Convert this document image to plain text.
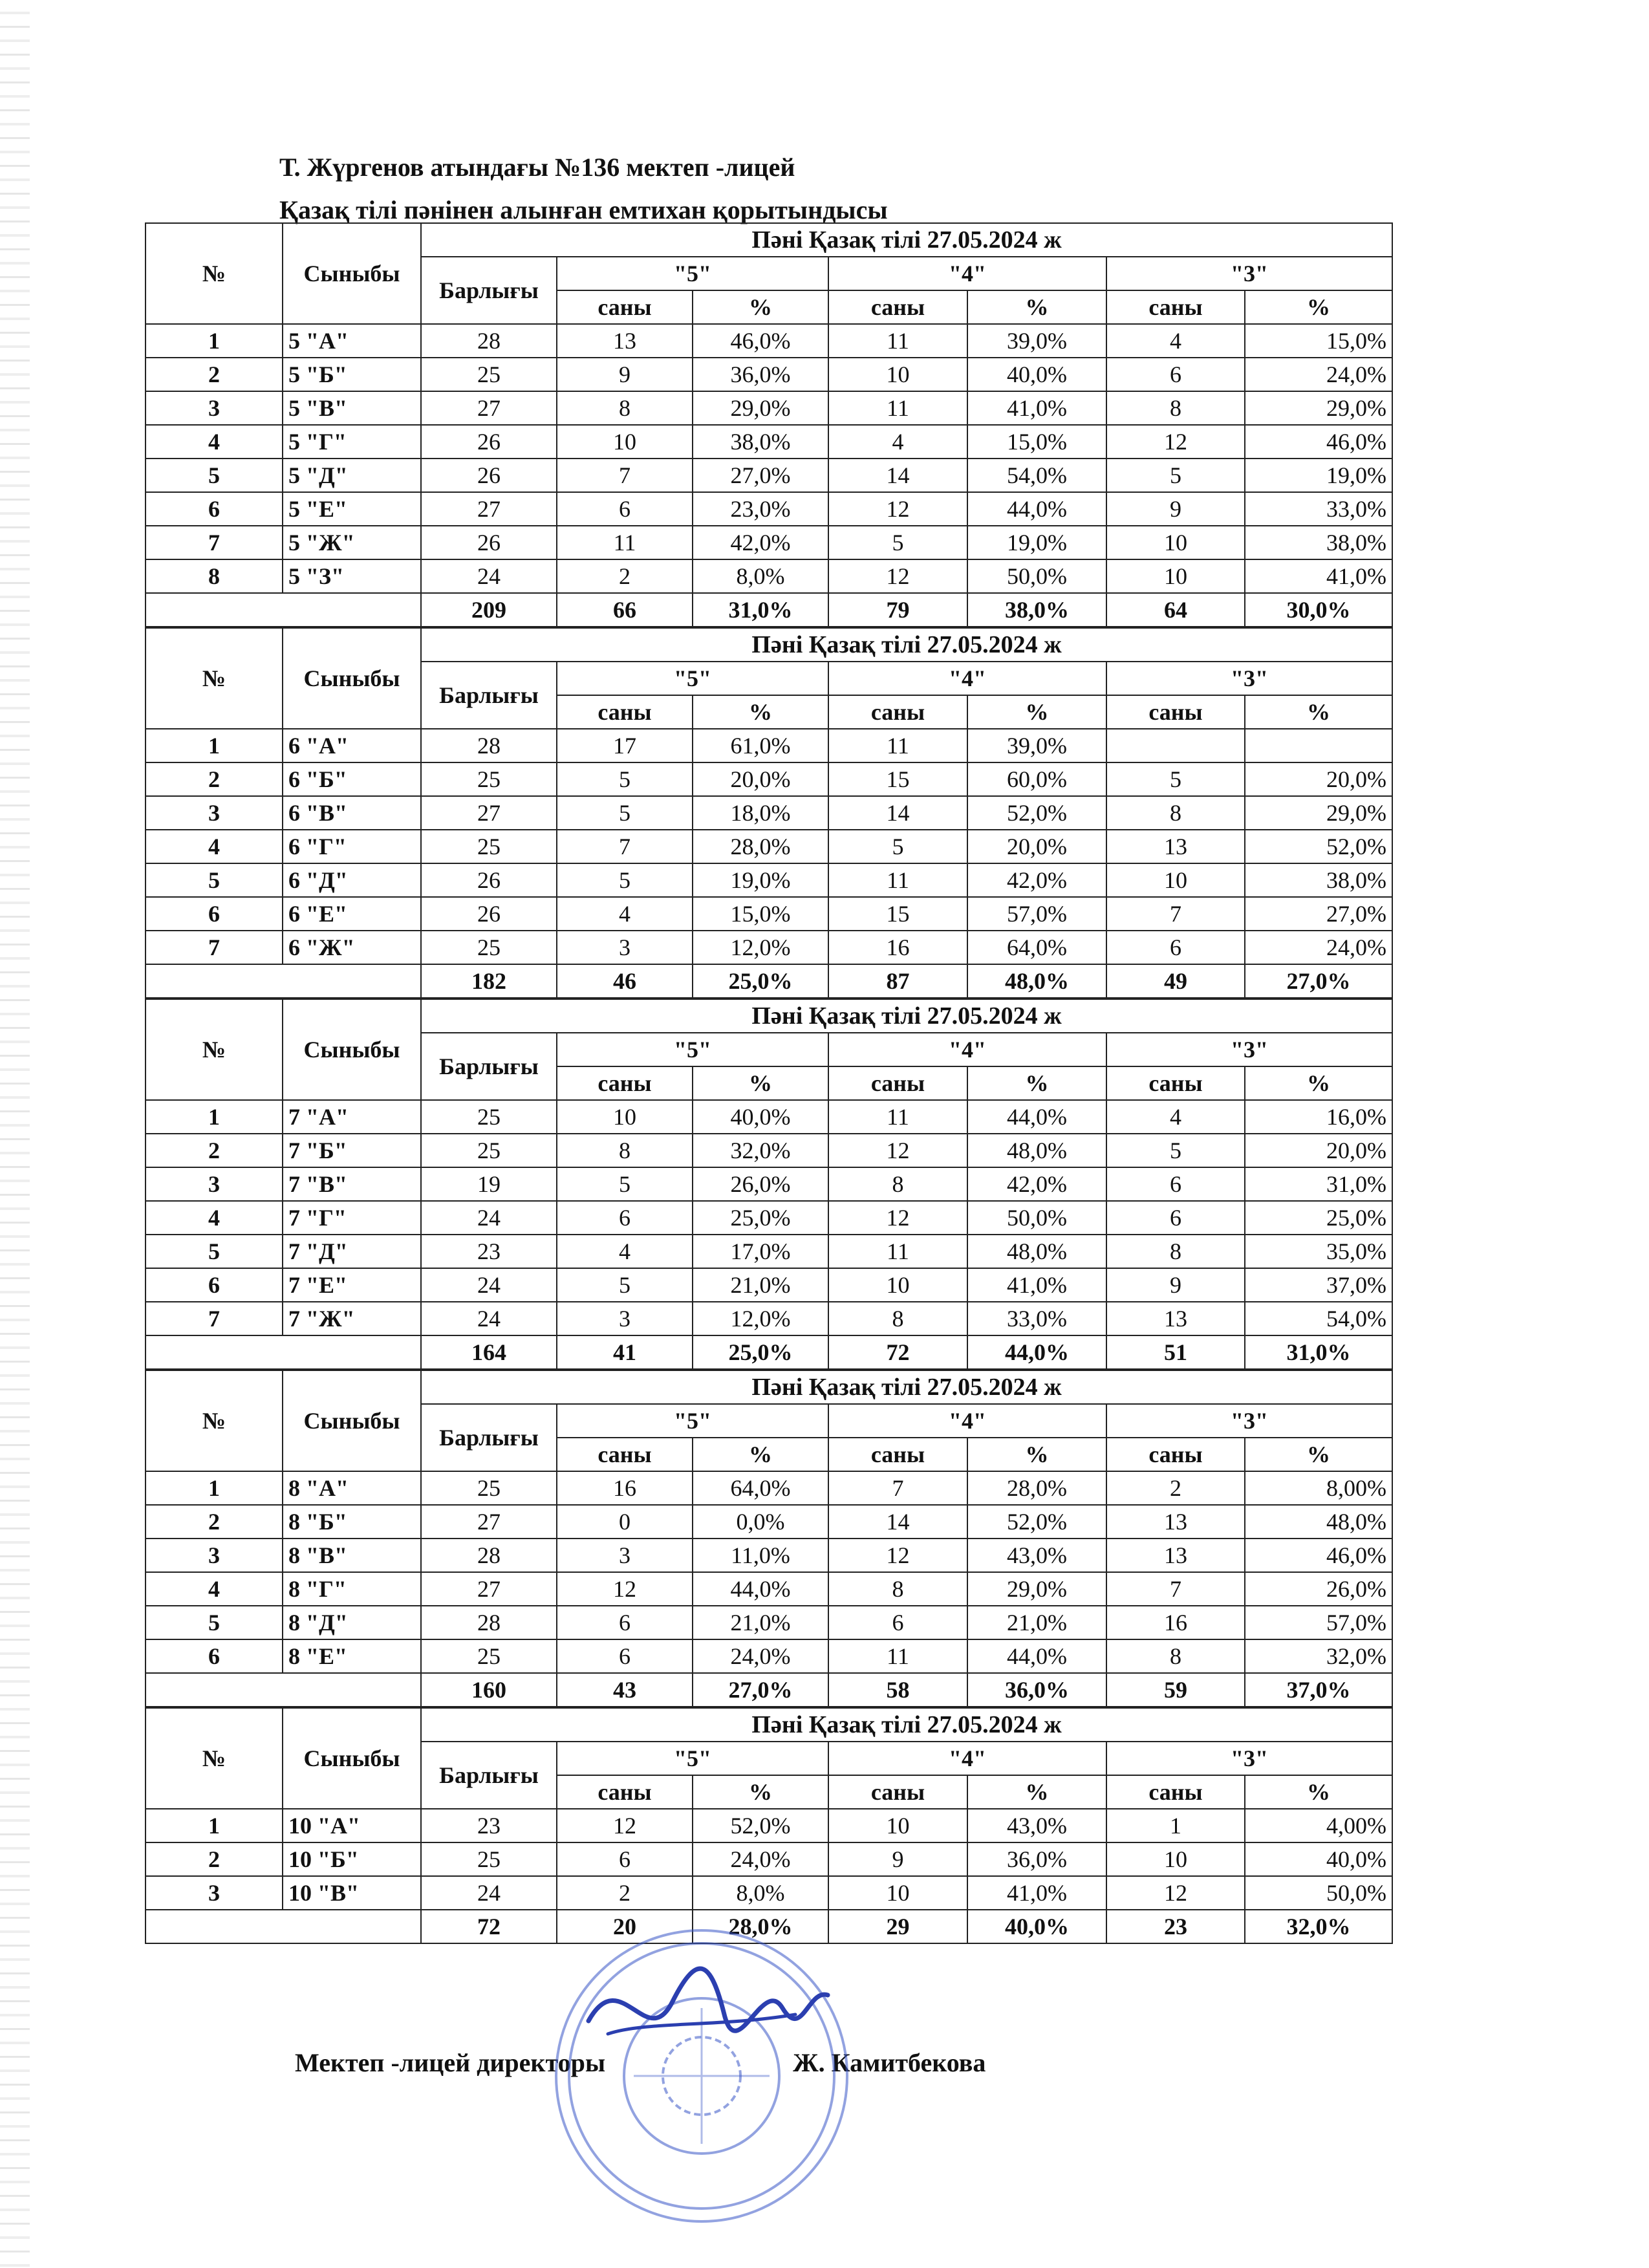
Т. Жүргенов атындағы №136 мектеп -лицей
Қазақ тілі пәнінен алынған емтихан қорытындысы
№	Сыныбы	Пәні Қазақ тілі 27.05.2024 ж						
		Барлығы	"5"		"4"		"3"	
			саны	%	саны	%	саны	%
1	5 "А"	28	13	46,0%	11	39,0%	4	15,0%
2	5 "Б"	25	9	36,0%	10	40,0%	6	24,0%
3	5 "В"	27	8	29,0%	11	41,0%	8	29,0%
4	5 "Г"	26	10	38,0%	4	15,0%	12	46,0%
5	5 "Д"	26	7	27,0%	14	54,0%	5	19,0%
6	5 "Е"	27	6	23,0%	12	44,0%	9	33,0%
7	5 "Ж"	26	11	42,0%	5	19,0%	10	38,0%
8	5 "З"	24	2	8,0%	12	50,0%	10	41,0%
		209	66	31,0%	79	38,0%	64	30,0%
№	Сыныбы	Пәні Қазақ тілі 27.05.2024 ж						
		Барлығы	"5"		"4"		"3"	
			саны	%	саны	%	саны	%
1	6 "А"	28	17	61,0%	11	39,0%		
2	6 "Б"	25	5	20,0%	15	60,0%	5	20,0%
3	6 "В"	27	5	18,0%	14	52,0%	8	29,0%
4	6 "Г"	25	7	28,0%	5	20,0%	13	52,0%
5	6 "Д"	26	5	19,0%	11	42,0%	10	38,0%
6	6 "Е"	26	4	15,0%	15	57,0%	7	27,0%
7	6 "Ж"	25	3	12,0%	16	64,0%	6	24,0%
		182	46	25,0%	87	48,0%	49	27,0%
№	Сыныбы	Пәні Қазақ тілі 27.05.2024 ж						
		Барлығы	"5"		"4"		"3"	
			саны	%	саны	%	саны	%
1	7 "А"	25	10	40,0%	11	44,0%	4	16,0%
2	7 "Б"	25	8	32,0%	12	48,0%	5	20,0%
3	7 "В"	19	5	26,0%	8	42,0%	6	31,0%
4	7 "Г"	24	6	25,0%	12	50,0%	6	25,0%
5	7 "Д"	23	4	17,0%	11	48,0%	8	35,0%
6	7 "Е"	24	5	21,0%	10	41,0%	9	37,0%
7	7 "Ж"	24	3	12,0%	8	33,0%	13	54,0%
		164	41	25,0%	72	44,0%	51	31,0%
№	Сыныбы	Пәні Қазақ тілі 27.05.2024 ж						
		Барлығы	"5"		"4"		"3"	
			саны	%	саны	%	саны	%
1	8 "А"	25	16	64,0%	7	28,0%	2	8,00%
2	8 "Б"	27	0	0,0%	14	52,0%	13	48,0%
3	8 "В"	28	3	11,0%	12	43,0%	13	46,0%
4	8 "Г"	27	12	44,0%	8	29,0%	7	26,0%
5	8 "Д"	28	6	21,0%	6	21,0%	16	57,0%
6	8 "Е"	25	6	24,0%	11	44,0%	8	32,0%
		160	43	27,0%	58	36,0%	59	37,0%
№	Сыныбы	Пәні Қазақ тілі 27.05.2024 ж						
		Барлығы	"5"		"4"		"3"	
			саны	%	саны	%	саны	%
1	10 "А"	23	12	52,0%	10	43,0%	1	4,00%
2	10 "Б"	25	6	24,0%	9	36,0%	10	40,0%
3	10 "В"	24	2	8,0%	10	41,0%	12	50,0%
		72	20	28,0%	29	40,0%	23	32,0%
Мектеп -лицей директоры	Ж. Камитбекова
